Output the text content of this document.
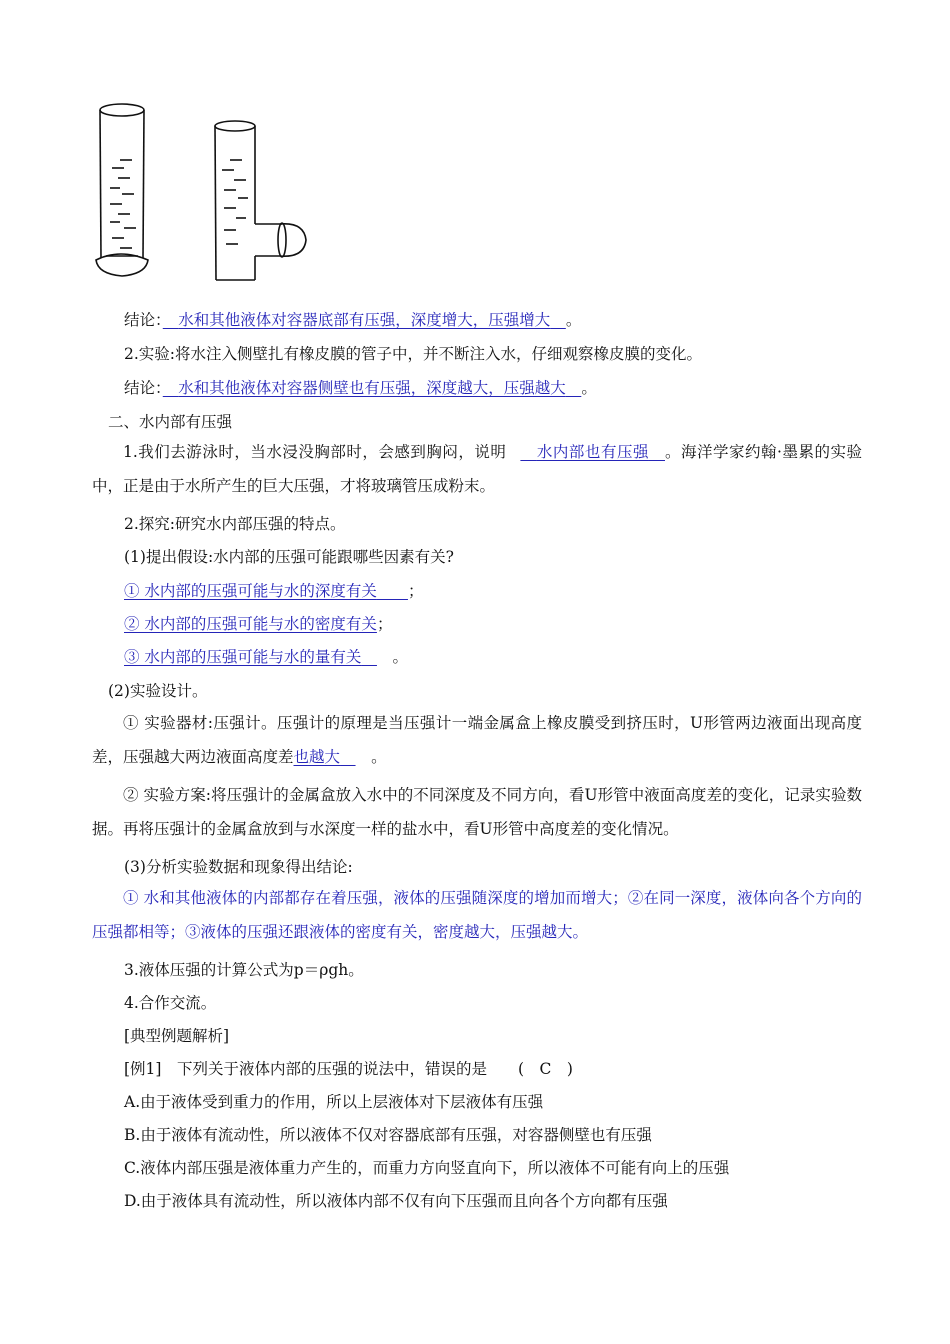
结论：　 水和其他液体对容器底部有压强，深度增大，压强增大　 。
2.实验:将水注入侧壁扎有橡皮膜的管子中，并不断注入水，仔细观察橡皮膜的变化。
结论：　 水和其他液体对容器侧壁也有压强，深度越大，压强越大　 。
二、水内部有压强
1.我们去游泳时，当水浸没胸部时，会感到胸闷，说明　 水内部也有压强　 。海洋学家约翰·墨累的实验中，正是由于水所产生的巨大压强，才将玻璃管压成粉末。
2.探究:研究水内部压强的特点。
(1)提出假设:水内部的压强可能跟哪些因素有关?
① 水内部的压强可能与水的深度有关　　 ；
② 水内部的压强可能与水的密度有关；
③ 水内部的压强可能与水的量有关　　 。
(2)实验设计。
① 实验器材:压强计。压强计的原理是当压强计一端金属盒上橡皮膜受到挤压时，U形管两边液面出现高度差，压强越大两边液面高度差也越大　　 。
② 实验方案:将压强计的金属盒放入水中的不同深度及不同方向，看U形管中液面高度差的变化，记录实验数据。再将压强计的金属盒放到与水深度一样的盐水中，看U形管中高度差的变化情况。
(3)分析实验数据和现象得出结论:
① 水和其他液体的内部都存在着压强，液体的压强随深度的增加而增大；②在同一深度，液体向各个方向的压强都相等；③液体的压强还跟液体的密度有关，密度越大，压强越大。
3.液体压强的计算公式为p＝ρgh。
4.合作交流。
[典型例题解析]
[例1]　下列关于液体内部的压强的说法中，错误的是　　(　C　)
A.由于液体受到重力的作用，所以上层液体对下层液体有压强
B.由于液体有流动性，所以液体不仅对容器底部有压强，对容器侧壁也有压强
C.液体内部压强是液体重力产生的，而重力方向竖直向下，所以液体不可能有向上的压强
D.由于液体具有流动性，所以液体内部不仅有向下压强而且向各个方向都有压强
